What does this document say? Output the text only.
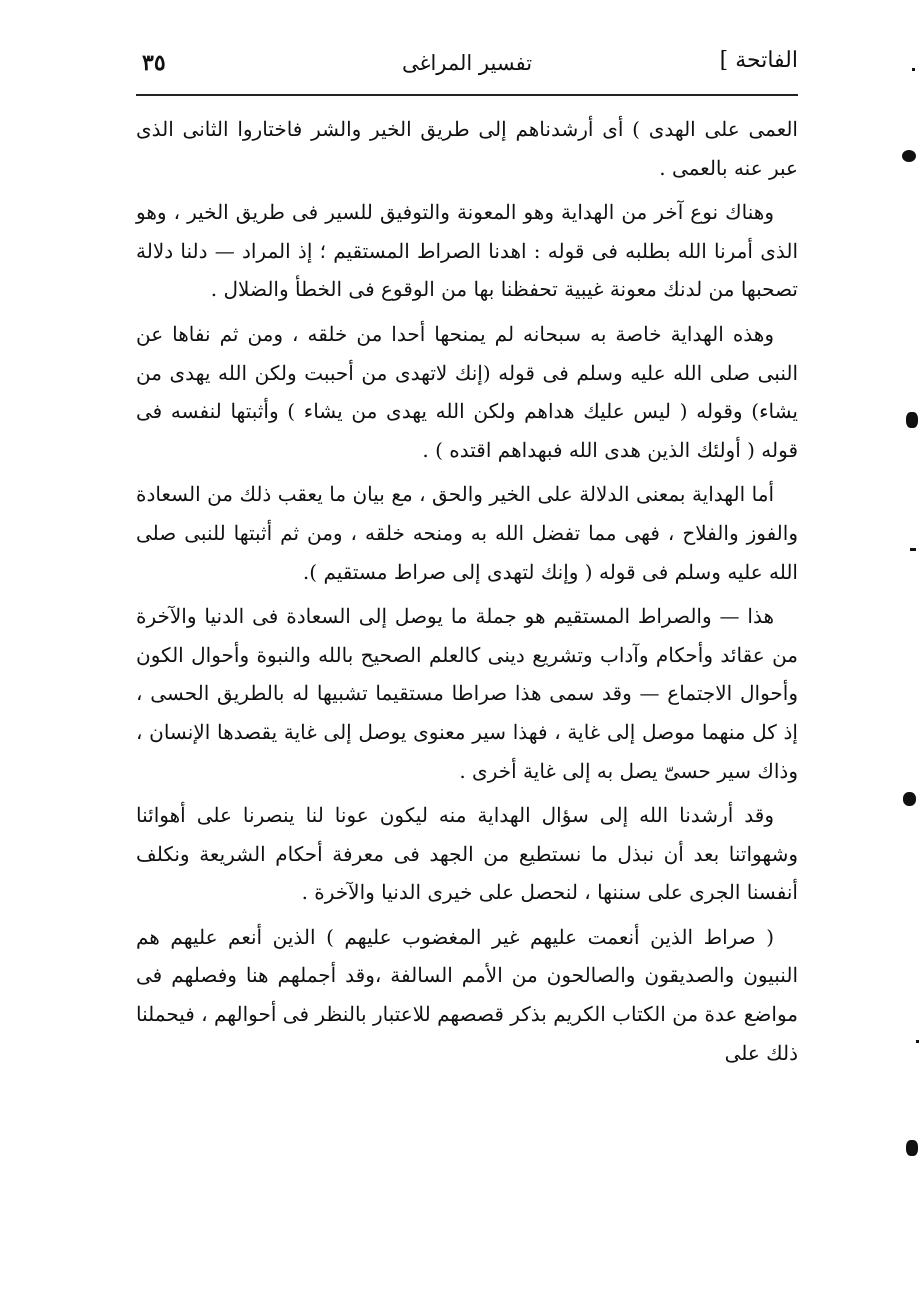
الفاتحة ]
تفسير المراغى
٣٥

العمى على الهدى ) أى أرشدناهم إلى طريق الخير والشر فاختاروا الثانى الذى عبر عنه بالعمى .

وهناك نوع آخر من الهداية وهو المعونة والتوفيق للسير فى طريق الخير ، وهو الذى أمرنا الله بطلبه فى قوله : اهدنا الصراط المستقيم ؛ إذ المراد — دلنا دلالة تصحبها من لدنك معونة غيبية تحفظنا بها من الوقوع فى الخطأ والضلال .

وهذه الهداية خاصة به سبحانه لم يمنحها أحدا من خلقه ، ومن ثم نفاها عن النبى صلى الله عليه وسلم فى قوله (إنك لاتهدى من أحببت ولكن الله يهدى من يشاء) وقوله ( ليس عليك هداهم ولكن الله يهدى من يشاء ) وأثبتها لنفسه فى قوله ( أولئك الذين هدى الله فبهداهم اقتده ) .

أما الهداية بمعنى الدلالة على الخير والحق ، مع بيان ما يعقب ذلك من السعادة والفوز والفلاح ، فهى مما تفضل الله به ومنحه خلقه ، ومن ثم أثبتها للنبى صلى الله عليه وسلم فى قوله ( وإنك لتهدى إلى صراط مستقيم ).

هذا — والصراط المستقيم هو جملة ما يوصل إلى السعادة فى الدنيا والآخرة من عقائد وأحكام وآداب وتشريع دينى كالعلم الصحيح بالله والنبوة وأحوال الكون وأحوال الاجتماع — وقد سمى هذا صراطا مستقيما تشبيها له بالطريق الحسى ، إذ كل منهما موصل إلى غاية ، فهذا سير معنوى يوصل إلى غاية يقصدها الإنسان ، وذاك سير حسىّ يصل به إلى غاية أخرى .

وقد أرشدنا الله إلى سؤال الهداية منه ليكون عونا لنا ينصرنا على أهوائنا وشهواتنا بعد أن نبذل ما نستطيع من الجهد فى معرفة أحكام الشريعة ونكلف أنفسنا الجرى على سننها ، لنحصل على خيرى الدنيا والآخرة .

( صراط الذين أنعمت عليهم غير المغضوب عليهم ) الذين أنعم عليهم هم النبيون والصديقون والصالحون من الأمم السالفة ،وقد أجملهم هنا وفصلهم فى مواضع عدة من الكتاب الكريم بذكر قصصهم للاعتبار بالنظر فى أحوالهم ، فيحملنا ذلك على
